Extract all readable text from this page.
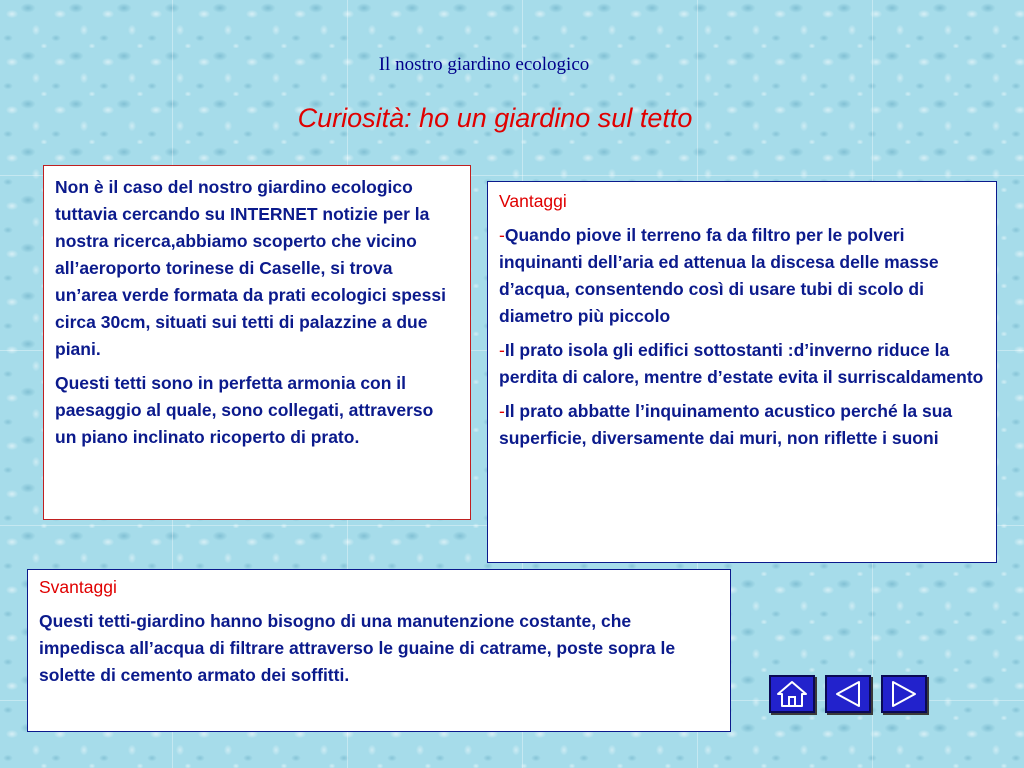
Il nostro giardino ecologico
Curiosità: ho un giardino sul tetto

Non è il caso del nostro giardino ecologico tuttavia cercando su INTERNET notizie per la nostra ricerca,abbiamo scoperto che vicino all’aeroporto torinese di Caselle, si trova un’area verde formata da prati ecologici spessi circa 30cm, situati sui tetti di palazzine a due piani.

Questi tetti sono in perfetta armonia con il paesaggio al quale, sono collegati, attraverso un piano inclinato ricoperto di prato.

Vantaggi

-Quando piove il terreno fa da filtro per le polveri inquinanti dell’aria ed attenua la discesa delle masse d’acqua, consentendo così di usare tubi di scolo di diametro più piccolo

-Il prato isola gli edifici sottostanti :d’inverno riduce la perdita di calore, mentre d’estate evita il surriscaldamento

-Il prato abbatte l’inquinamento acustico perché la sua superficie, diversamente dai muri, non riflette i suoni

Svantaggi

Questi tetti-giardino hanno bisogno di una manutenzione costante, che impedisca all’acqua di filtrare attraverso le guaine di catrame, poste sopra le solette di cemento armato dei soffitti.
